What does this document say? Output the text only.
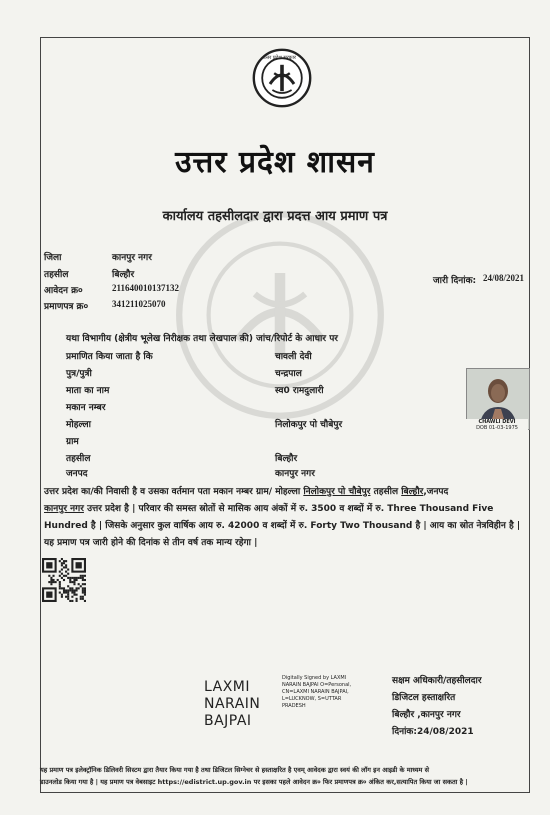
उत्तर प्रदेश सरकार
उत्तर प्रदेश शासन
कार्यालय तहसीलदार द्वारा प्रदत्त आय प्रमाण पत्र
जिला	कानपुर नगर
तहसील	बिल्हौर
आवेदन क्र०	211640010137132
प्रमाणपत्र क्र०	341211025070
जारी दिनांक: 24/08/2021
यथा विभागीय (क्षेत्रीय भूलेख निरीक्षक तथा लेखपाल की) जांच/रिपोर्ट के आधार पर
प्रमाणित किया जाता है कि	चावली देवी
पुत्र/पुत्री	चन्द्रपाल
माता का नाम	स्व0 रामदुलारी
मकान नम्बर
मोहल्ला	निलोकपुर पो चौबेपुर
ग्राम
तहसील	बिल्हौर
जनपद	कानपुर नगर
CHAWLI DEVI
DOB 01-03-1975
उत्तर प्रदेश का/की निवासी है व उसका वर्तमान पता मकान नम्बर ग्राम/ मोहल्ला निलोकपुर पो चौबेपुर तहसील बिल्हौर,जनपद
कानपुर नगर उत्तर प्रदेश है | परिवार की समस्त स्रोतों से मासिक आय अंकों में रु. 3500 व शब्दों में रु. Three Thousand Five
Hundred है | जिसके अनुसार कुल वार्षिक आय रु. 42000 व शब्दों में रु. Forty Two Thousand है | आय का स्रोत नेत्रविहीन है |
यह प्रमाण पत्र जारी होने की दिनांक से तीन वर्ष तक मान्य रहेगा |
LAXMI
NARAIN
BAJPAI
Digitally Signed by LAXMI NARAIN BAJPAI O=Personal, CN=LAXMI NARAIN BAJPAI, L=LUCKNOW, S=UTTAR PRADESH
सक्षम अधिकारी/तहसीलदार
डिजिटल हस्ताक्षरित
बिल्हौर ,कानपुर नगर
दिनांक:24/08/2021
यह प्रमाण पत्र इलेक्ट्रॉनिक डिलिवरी सिस्टम द्वारा तैयार किया गया है तथा डिजिटल सिग्नेचर से हस्ताक्षरित है एवम् आवेदक द्वारा स्वयं की लॉग इन आइडी के माध्यम से
डाउनलोड किया गया है | यह प्रमाण पत्र वेबसाइट https://edistrict.up.gov.in पर इसका पहले आवेदन क्र० फिर प्रमाणपत्र क्र० अंकित कर,सत्यापित किया जा सकता है |
